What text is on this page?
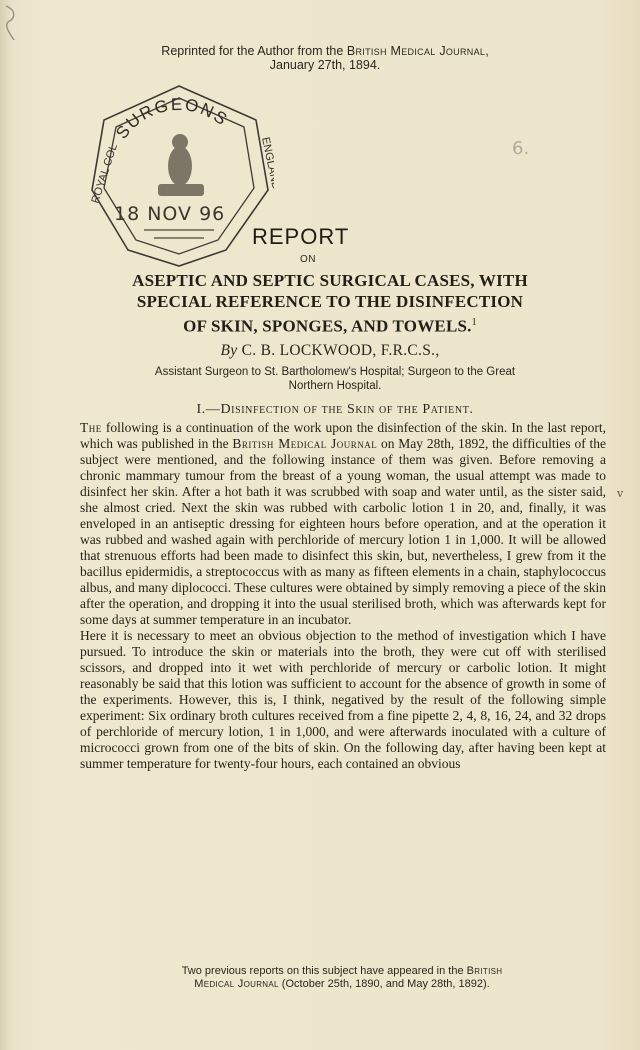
Reprinted for the Author from the British Medical Journal,
January 27th, 1894.
SURGEONS
ROYAL COL	ENGLAND
18 NOV 96
6.
REPORT
ON
ASEPTIC AND SEPTIC SURGICAL CASES, WITH
SPECIAL REFERENCE TO THE DISINFECTION
OF SKIN, SPONGES, AND TOWELS.$^1$
By C. B. LOCKWOOD, F.R.C.S.,
Assistant Surgeon to St. Bartholomew's Hospital; Surgeon to the Great
Northern Hospital.
I.—Disinfection of the Skin of the Patient.

The following is a continuation of the work upon the disinfection of the skin. In the last report, which was published in the British Medical Journal on May 28th, 1892, the difficulties of the subject were mentioned, and the following instance of them was given. Before removing a chronic mammary tumour from the breast of a young woman, the usual attempt was made to disinfect her skin. After a hot bath it was scrubbed with soap and water until, as the sister said, she almost cried. Next the skin was rubbed with carbolic lotion 1 in 20, and, finally, it was enveloped in an antiseptic dressing for eighteen hours before operation, and at the operation it was rubbed and washed again with perchloride of mercury lotion 1 in 1,000. It will be allowed that strenuous efforts had been made to disinfect this skin, but, nevertheless, I grew from it the bacillus epidermidis, a streptococcus with as many as fifteen elements in a chain, staphylococcus albus, and many diplococci. These cultures were obtained by simply removing a piece of the skin after the operation, and dropping it into the usual sterilised broth, which was afterwards kept for some days at summer temperature in an incubator.

Here it is necessary to meet an obvious objection to the method of investigation which I have pursued. To introduce the skin or materials into the broth, they were cut off with sterilised scissors, and dropped into it wet with perchloride of mercury or carbolic lotion. It might reasonably be said that this lotion was sufficient to account for the absence of growth in some of the experiments. However, this is, I think, negatived by the result of the following simple experiment: Six ordinary broth cultures received from a fine pipette 2, 4, 8, 16, 24, and 32 drops of perchloride of mercury lotion, 1 in 1,000, and were afterwards inoculated with a culture of micrococci grown from one of the bits of skin. On the following day, after having been kept at summer temperature for twenty-four hours, each contained an obvious

v
Two previous reports on this subject have appeared in the British
Medical Journal (October 25th, 1890, and May 28th, 1892).
